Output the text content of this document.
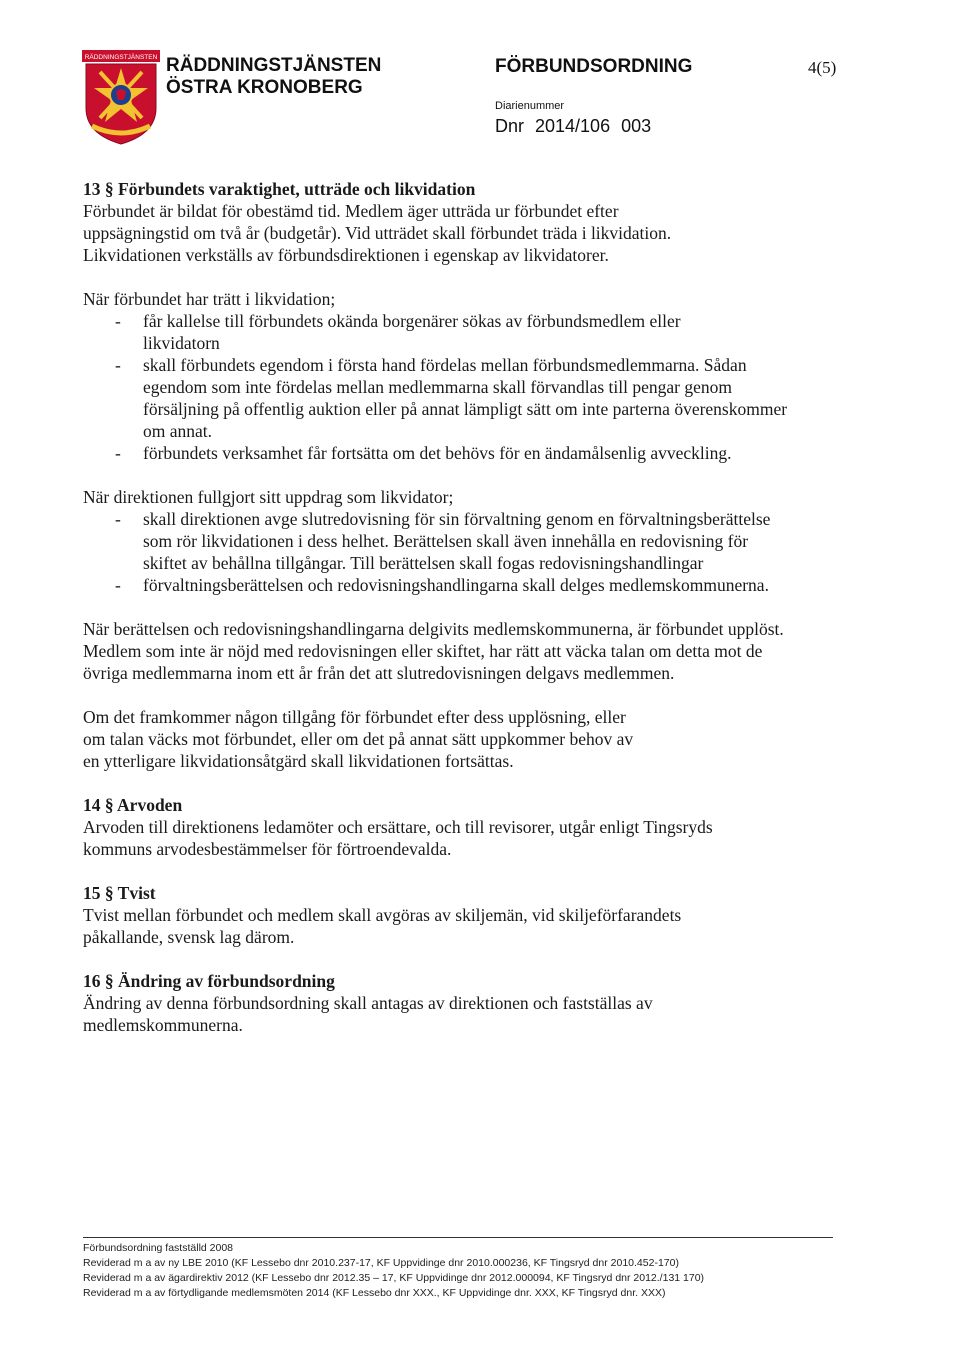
RÄDDNINGSTJÄNSTEN RÄDDNINGSTJÄNSTEN
ÖSTRA KRONOBERG
FÖRBUNDSORDNING	4(5)
Diarienummer
Dnr 2014/106 003
13 § Förbundets varaktighet, utträde och likvidation

Förbundet är bildat för obestämd tid. Medlem äger utträda ur förbundet efter
uppsägningstid om två år (budgetår). Vid utträdet skall förbundet träda i likvidation.
Likvidationen verkställs av förbundsdirektionen i egenskap av likvidatorer.

När förbundet har trätt i likvidation;

- får kallelse till förbundets okända borgenärer sökas av förbundsmedlem eller
likvidatorn
- skall förbundets egendom i första hand fördelas mellan förbundsmedlemmarna. Sådan
egendom som inte fördelas mellan medlemmarna skall förvandlas till pengar genom
försäljning på offentlig auktion eller på annat lämpligt sätt om inte parterna överenskommer
om annat.
- förbundets verksamhet får fortsätta om det behövs för en ändamålsenlig avveckling.

När direktionen fullgjort sitt uppdrag som likvidator;

- skall direktionen avge slutredovisning för sin förvaltning genom en förvaltningsberättelse
som rör likvidationen i dess helhet. Berättelsen skall även innehålla en redovisning för
skiftet av behållna tillgångar. Till berättelsen skall fogas redovisningshandlingar
- förvaltningsberättelsen och redovisningshandlingarna skall delges medlemskommunerna.

När berättelsen och redovisningshandlingarna delgivits medlemskommunerna, är förbundet upplöst.
Medlem som inte är nöjd med redovisningen eller skiftet, har rätt att väcka talan om detta mot de
övriga medlemmarna inom ett år från det att slutredovisningen delgavs medlemmen.

Om det framkommer någon tillgång för förbundet efter dess upplösning, eller
om talan väcks mot förbundet, eller om det på annat sätt uppkommer behov av
en ytterligare likvidationsåtgärd skall likvidationen fortsättas.

14 § Arvoden

Arvoden till direktionens ledamöter och ersättare, och till revisorer, utgår enligt Tingsryds
kommuns arvodesbestämmelser för förtroendevalda.

15 § Tvist

Tvist mellan förbundet och medlem skall avgöras av skiljemän, vid skiljeförfarandets
påkallande, svensk lag därom.

16 § Ändring av förbundsordning

Ändring av denna förbundsordning skall antagas av direktionen och fastställas av
medlemskommunerna.

Förbundsordning fastställd 2008
Reviderad m a av ny LBE 2010 (KF Lessebo dnr 2010.237-17, KF Uppvidinge dnr 2010.000236, KF Tingsryd dnr 2010.452-170)
Reviderad m a av ägardirektiv 2012 (KF Lessebo dnr 2012.35 – 17, KF Uppvidinge dnr 2012.000094, KF Tingsryd dnr 2012./131 170)
Reviderad m a av förtydligande medlemsmöten 2014 (KF Lessebo dnr XXX., KF Uppvidinge dnr. XXX, KF Tingsryd dnr. XXX)
